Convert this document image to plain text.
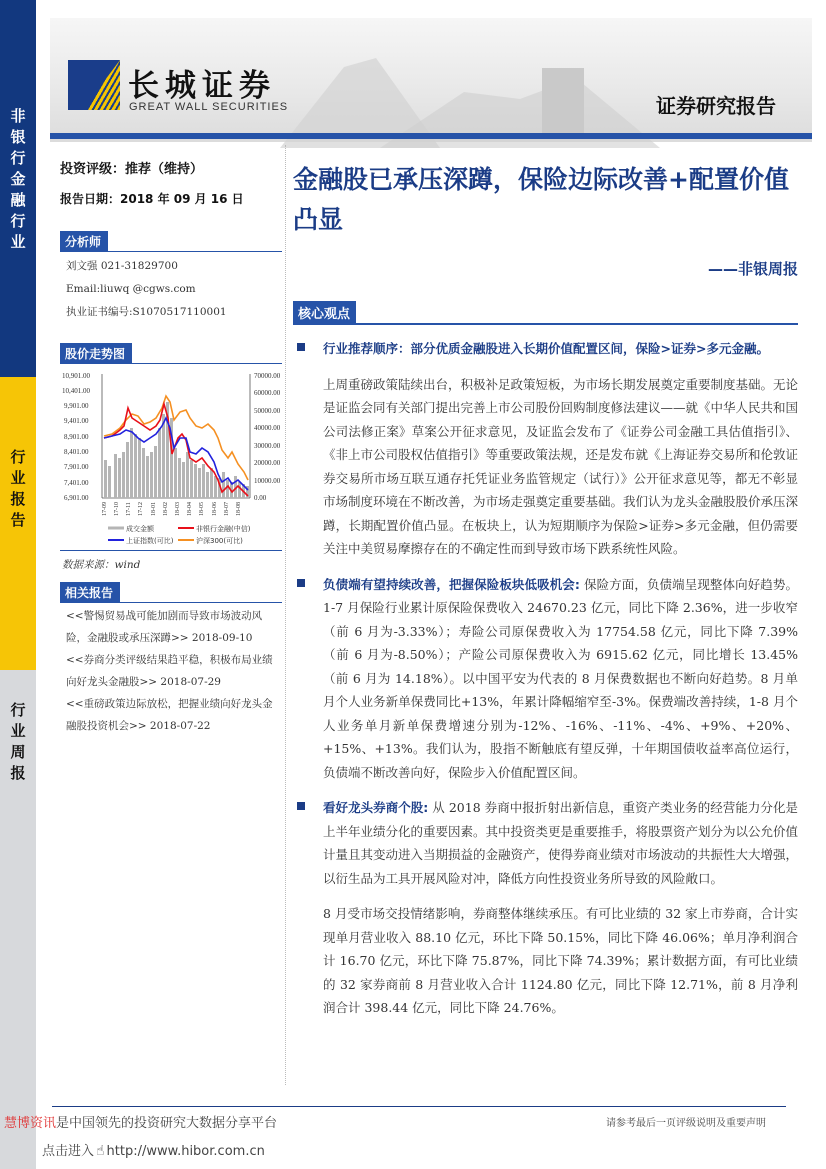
非银行金融行业
行业报告
行业周报
长城证券
GREAT WALL SECURITIES	证券研究报告
投资评级：推荐（维持）
报告日期：2018 年 09 月 16 日
分析师
刘文强 021-31829700
Email:liuwq @cgws.com
执业证书编号:S1070517110001
股价走势图
10,901.00
10,401.00
9,901.00
9,401.00
8,901.00
8,401.00
7,901.00
7,401.00
6,901.00
70000.00
60000.00
50000.00
40000.00
30000.00
20000.00
10000.00
0.00
17-09 17-10 17-11 17-12 18-01 18-02 18-03 18-04 18-05 18-06 18-07 18-08
成交金额	非银行金融(中信)
上证指数(可比)	沪深300(可比)
数据来源：wind
相关报告
<<警惕贸易战可能加剧而导致市场波动风险，金融股或承压深蹲>> 2018-09-10
<<券商分类评级结果趋平稳，积极布局业绩向好龙头金融股>> 2018-07-29
<<重磅政策边际放松，把握业绩向好龙头金融股投资机会>> 2018-07-22
金融股已承压深蹲，保险边际改善+配置价值凸显
——非银周报
核心观点
行业推荐顺序：部分优质金融股进入长期价值配置区间，保险>证券>多元金融。
上周重磅政策陆续出台，积极补足政策短板，为市场长期发展奠定重要制度基础。无论是证监会同有关部门提出完善上市公司股份回购制度修法建议——就《中华人民共和国公司法修正案》草案公开征求意见，及证监会发布了《证券公司金融工具估值指引》、《非上市公司股权估值指引》等重要政策法规，还是发布就《上海证券交易所和伦敦证券交易所市场互联互通存托凭证业务监管规定（试行）》公开征求意见等，都无不彰显市场制度环境在不断改善，为市场走强奠定重要基础。我们认为龙头金融股股价承压深蹲，长期配置价值凸显。在板块上，认为短期顺序为保险>证券>多元金融，但仍需要关注中美贸易摩擦存在的不确定性而到导致市场下跌系统性风险。
负债端有望持续改善，把握保险板块低吸机会: 保险方面，负债端呈现整体向好趋势。1-7 月保险行业累计原保险保费收入 24670.23 亿元，同比下降 2.36%，进一步收窄（前 6 月为-3.33%）；寿险公司原保费收入为 17754.58 亿元，同比下降 7.39%（前 6 月为-8.50%）；产险公司原保费收入为 6915.62 亿元，同比增长 13.45%（前 6 月为 14.18%）。以中国平安为代表的 8 月保费数据也不断向好趋势。8 月单月个人业务新单保费同比+13%，年累计降幅缩窄至-3%。保费端改善持续，1-8 月个人业务单月新单保费增速分别为-12%、-16%、-11%、-4%、+9%、+20%、+15%、+13%。我们认为，股指不断触底有望反弹，十年期国债收益率高位运行，负债端不断改善向好，保险步入价值配置区间。
看好龙头券商个股: 从 2018 券商中报折射出新信息，重资产类业务的经营能力分化是上半年业绩分化的重要因素。其中投资类更是重要推手，将股票资产划分为以公允价值计量且其变动进入当期损益的金融资产，使得券商业绩对市场波动的共振性大大增强，以衍生品为工具开展风险对冲，降低方向性投资业务所导致的风险敞口。
8 月受市场交投情绪影响，券商整体继续承压。有可比业绩的 32 家上市券商，合计实现单月营业收入 88.10 亿元，环比下降 50.15%，同比下降 46.06%；单月净利润合计 16.70 亿元，环比下降 75.87%，同比下降 74.39%；累计数据方面，有可比业绩的 32 家券商前 8 月营业收入合计 1124.80 亿元，同比下降 12.71%，前 8 月净利润合计 398.44 亿元，同比下降 24.76%。
慧博资讯是中国领先的投资研究大数据分享平台	请参考最后一页评级说明及重要声明
点击进入 ☝ http://www.hibor.com.cn
